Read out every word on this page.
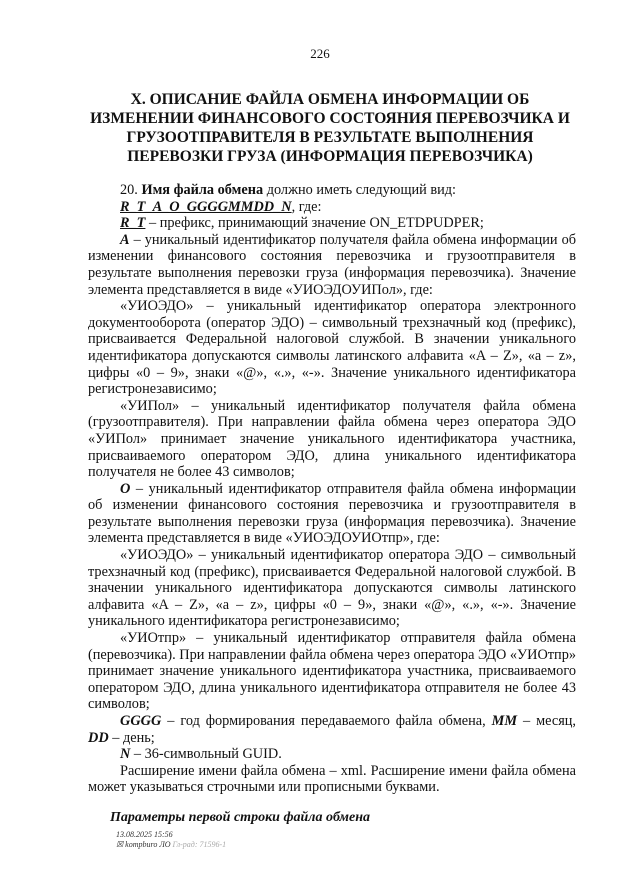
226
X. ОПИСАНИЕ ФАЙЛА ОБМЕНА ИНФОРМАЦИИ ОБ ИЗМЕНЕНИИ ФИНАНСОВОГО СОСТОЯНИЯ ПЕРЕВОЗЧИКА И ГРУЗООТПРАВИТЕЛЯ В РЕЗУЛЬТАТЕ ВЫПОЛНЕНИЯ ПЕРЕВОЗКИ ГРУЗА (ИНФОРМАЦИЯ ПЕРЕВОЗЧИКА)

20. Имя файла обмена должно иметь следующий вид:

R_T_A_O_GGGGMMDD_N, где:

R_T – префикс, принимающий значение ON_ETDPUDPER;

A – уникальный идентификатор получателя файла обмена информации об изменении финансового состояния перевозчика и грузоотправителя в результате выполнения перевозки груза (информация перевозчика). Значение элемента представляется в виде «УИОЭДОУИПол», где:

«УИОЭДО» – уникальный идентификатор оператора электронного документооборота (оператор ЭДО) – символьный трехзначный код (префикс), присваивается Федеральной налоговой службой. В значении уникального идентификатора допускаются символы латинского алфавита «A – Z», «a – z», цифры «0 – 9», знаки «@», «.», «-». Значение уникального идентификатора регистронезависимо;

«УИПол» – уникальный идентификатор получателя файла обмена (грузоотправителя). При направлении файла обмена через оператора ЭДО «УИПол» принимает значение уникального идентификатора участника, присваиваемого оператором ЭДО, длина уникального идентификатора получателя не более 43 символов;

O – уникальный идентификатор отправителя файла обмена информации об изменении финансового состояния перевозчика и грузоотправителя в результате выполнения перевозки груза (информация перевозчика). Значение элемента представляется в виде «УИОЭДОУИОтпр», где:

«УИОЭДО» – уникальный идентификатор оператора ЭДО – символьный трехзначный код (префикс), присваивается Федеральной налоговой службой. В значении уникального идентификатора допускаются символы латинского алфавита «A – Z», «a – z», цифры «0 – 9», знаки «@», «.», «-». Значение уникального идентификатора регистронезависимо;

«УИОтпр» – уникальный идентификатор отправителя файла обмена (перевозчика). При направлении файла обмена через оператора ЭДО «УИОтпр» принимает значение уникального идентификатора участника, присваиваемого оператором ЭДО, длина уникального идентификатора отправителя не более 43 символов;

GGGG – год формирования передаваемого файла обмена, MM – месяц, DD – день;

N – 36-символьный GUID.

Расширение имени файла обмена – xml. Расширение имени файла обмена может указываться строчными или прописными буквами.

Параметры первой строки файла обмена
13.08.2025 15:56
☒ kompburo ЛО Гл-рад: 71596-1
